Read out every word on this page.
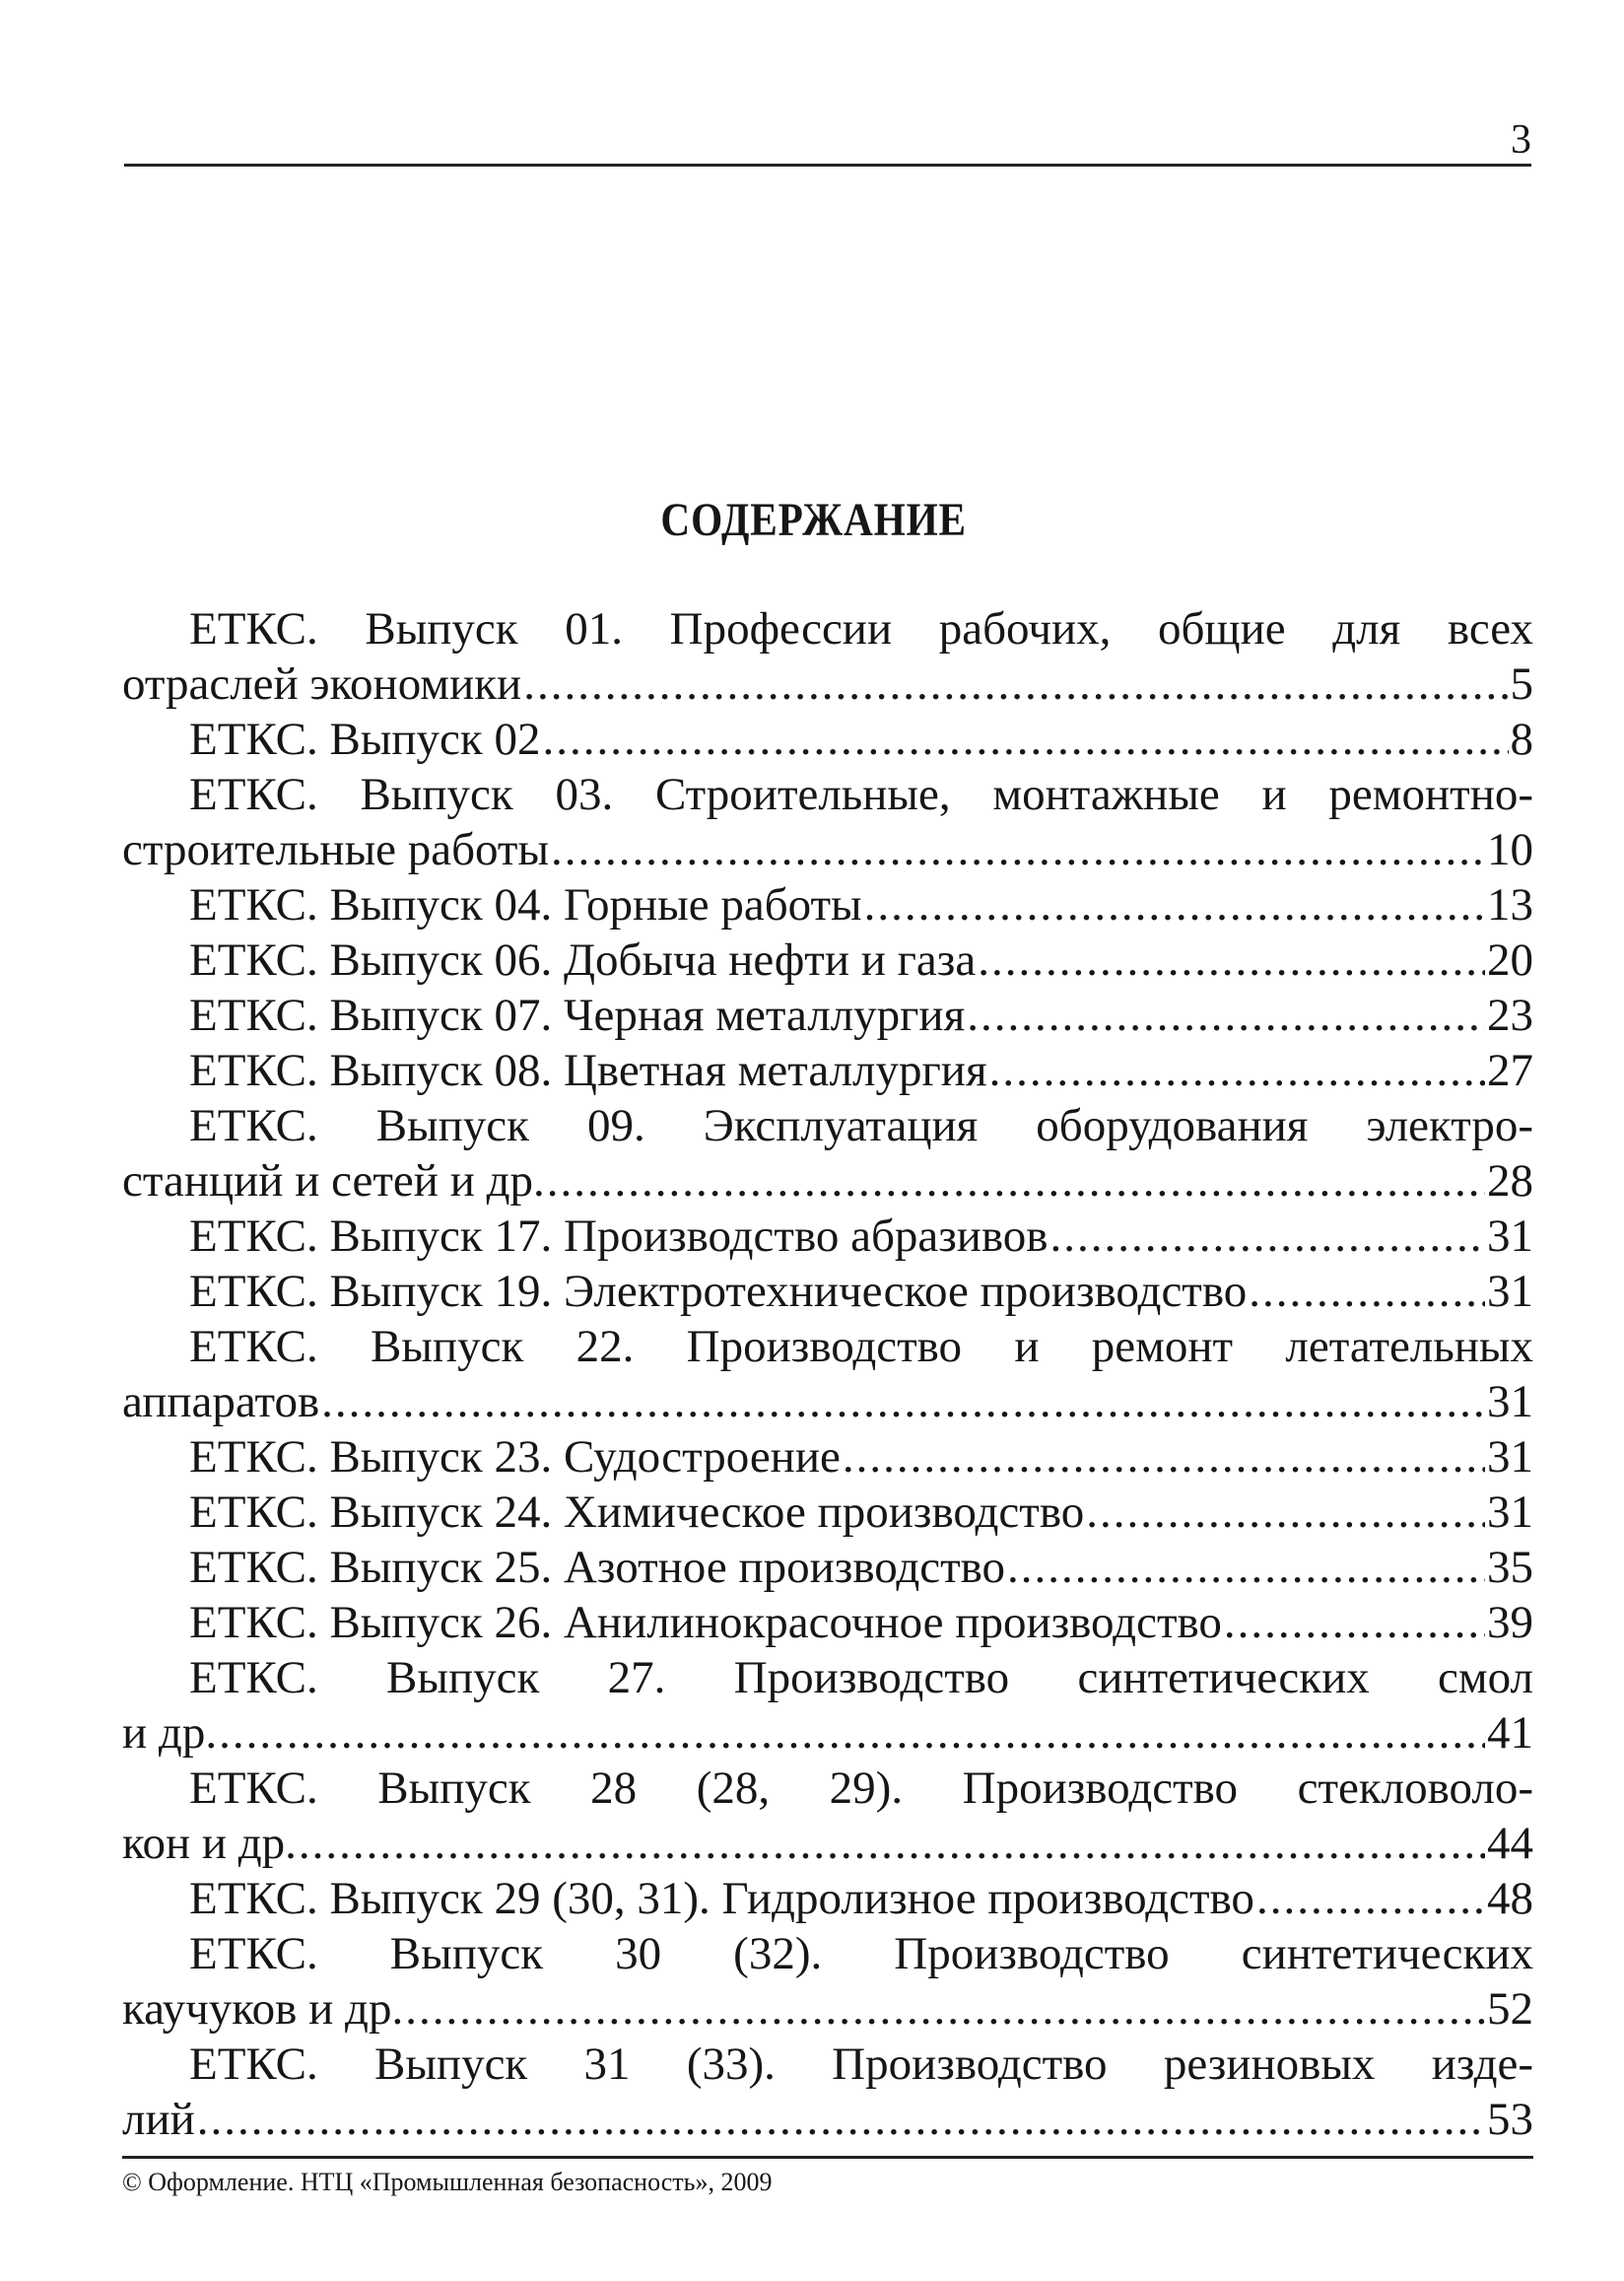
3
СОДЕРЖАНИЕ
ЕТКС. Выпуск 01. Профессии рабочих, общие для всех
отраслей экономики .....	5
ЕТКС. Выпуск 02 .....	8
ЕТКС. Выпуск 03. Строительные, монтажные и ремонтно-
строительные работы .....	10
ЕТКС. Выпуск 04. Горные работы .....	13
ЕТКС. Выпуск 06. Добыча нефти и газа .....	20
ЕТКС. Выпуск 07. Черная металлургия .....	23
ЕТКС. Выпуск 08. Цветная металлургия .....	27
ЕТКС. Выпуск 09. Эксплуатация оборудования электро-
станций и сетей и др. .....	28
ЕТКС. Выпуск 17. Производство абразивов .....	31
ЕТКС. Выпуск 19. Электротехническое производство .....	31
ЕТКС. Выпуск 22. Производство и ремонт летательных
аппаратов .....	31
ЕТКС. Выпуск 23. Судостроение .....	31
ЕТКС. Выпуск 24. Химическое производство .....	31
ЕТКС. Выпуск 25. Азотное производство .....	35
ЕТКС. Выпуск 26. Анилинокрасочное производство .....	39
ЕТКС. Выпуск 27. Производство синтетических смол
и др. .....	41
ЕТКС. Выпуск 28 (28, 29). Производство стекловоло-
кон и др. .....	44
ЕТКС. Выпуск 29 (30, 31). Гидролизное производство .....	48
ЕТКС. Выпуск 30 (32). Производство синтетических
каучуков и др. .....	52
ЕТКС. Выпуск 31 (33). Производство резиновых изде-
лий .....	53
© Оформление. НТЦ «Промышленная безопасность», 2009
